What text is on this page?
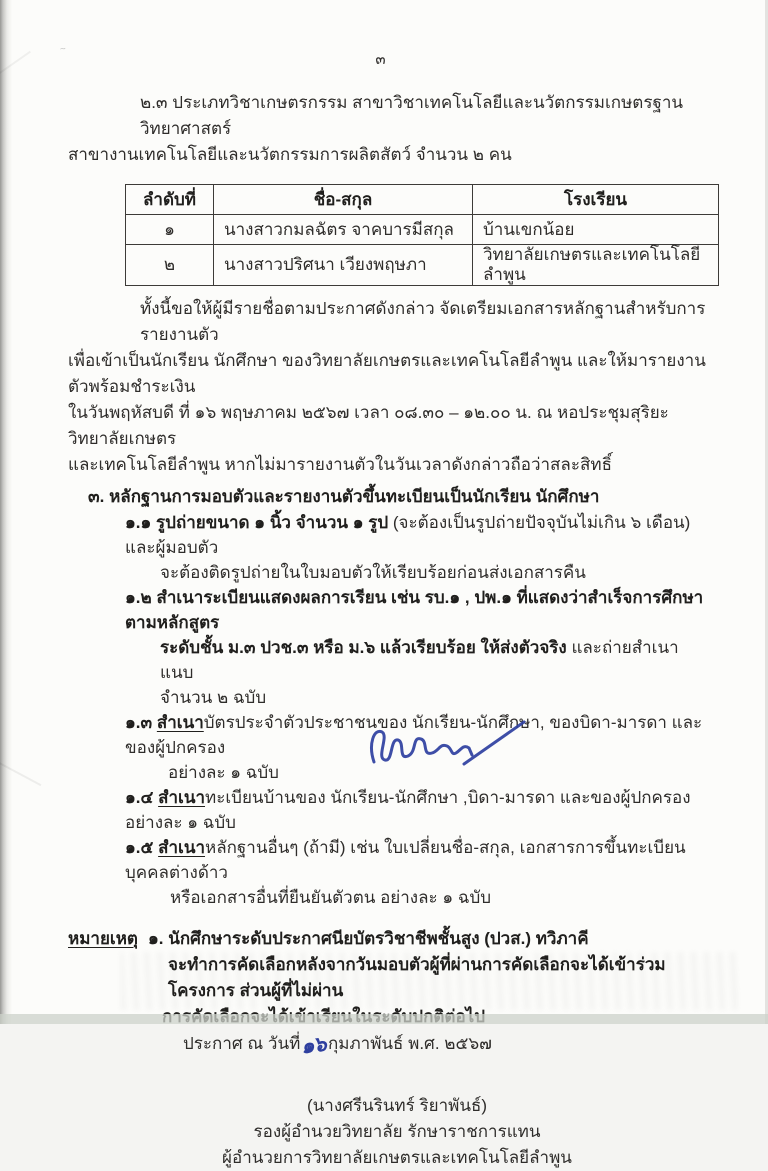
~
๓
๒.๓ ประเภทวิชาเกษตรกรรม สาขาวิชาเทคโนโลยีและนวัตกรรมเกษตรฐานวิทยาศาสตร์
สาขางานเทคโนโลยีและนวัตกรรมการผลิตสัตว์ จำนวน ๒ คน
ลำดับที่	ชื่อ-สกุล	โรงเรียน
๑	นางสาวกมลฉัตร จาคบารมีสกุล	บ้านเขกน้อย
๒	นางสาวปริศนา เวียงพฤษภา	วิทยาลัยเกษตรและเทคโนโลยีลำพูน
ทั้งนี้ขอให้ผู้มีรายชื่อตามประกาศดังกล่าว จัดเตรียมเอกสารหลักฐานสำหรับการรายงานตัว
เพื่อเข้าเป็นนักเรียน นักศึกษา ของวิทยาลัยเกษตรและเทคโนโลยีลำพูน และให้มารายงานตัวพร้อมชำระเงิน
ในวันพฤหัสบดี ที่ ๑๖ พฤษภาคม ๒๕๖๗ เวลา ๐๘.๓๐ – ๑๒.๐๐ น. ณ หอประชุมสุริยะ วิทยาลัยเกษตร
และเทคโนโลยีลำพูน หากไม่มารายงานตัวในวันเวลาดังกล่าวถือว่าสละสิทธิ์
๓. หลักฐานการมอบตัวและรายงานตัวขึ้นทะเบียนเป็นนักเรียน นักศึกษา
๑.๑ รูปถ่ายขนาด ๑ นิ้ว จำนวน ๑ รูป (จะต้องเป็นรูปถ่ายปัจจุบันไม่เกิน ๖ เดือน) และผู้มอบตัว
จะต้องติดรูปถ่ายในใบมอบตัวให้เรียบร้อยก่อนส่งเอกสารคืน
๑.๒ สำเนาระเบียนแสดงผลการเรียน เช่น รบ.๑ , ปพ.๑ ที่แสดงว่าสำเร็จการศึกษาตามหลักสูตร
ระดับชั้น ม.๓ ปวช.๓ หรือ ม.๖ แล้วเรียบร้อย ให้ส่งตัวจริง และถ่ายสำเนาแนบ
จำนวน ๒ ฉบับ
๑.๓ สำเนาบัตรประจำตัวประชาชนของ นักเรียน-นักศึกษา, ของบิดา-มารดา และของผู้ปกครอง
อย่างละ ๑ ฉบับ
๑.๔ สำเนาทะเบียนบ้านของ นักเรียน-นักศึกษา ,บิดา-มารดา และของผู้ปกครอง อย่างละ ๑ ฉบับ
๑.๕ สำเนาหลักฐานอื่นๆ (ถ้ามี) เช่น ใบเปลี่ยนชื่อ-สกุล, เอกสารการขึ้นทะเบียนบุคคลต่างด้าว
หรือเอกสารอื่นที่ยืนยันตัวตน อย่างละ ๑ ฉบับ
หมายเหตุ ๑. นักศึกษาระดับประกาศนียบัตรวิชาชีพชั้นสูง (ปวส.) ทวิภาคี
จะทำการคัดเลือกหลังจากวันมอบตัวผู้ที่ผ่านการคัดเลือกจะได้เข้าร่วมโครงการ ส่วนผู้ที่ไม่ผ่าน
ประกาศ ณ วันที่๑๖กุมภาพันธ์ พ.ศ. ๒๕๖๗
(นางศรีนรินทร์ ริยาพันธ์)
รองผู้อำนวยวิทยาลัย รักษาราชการแทน
ผู้อำนวยการวิทยาลัยเกษตรและเทคโนโลยีลำพูน
